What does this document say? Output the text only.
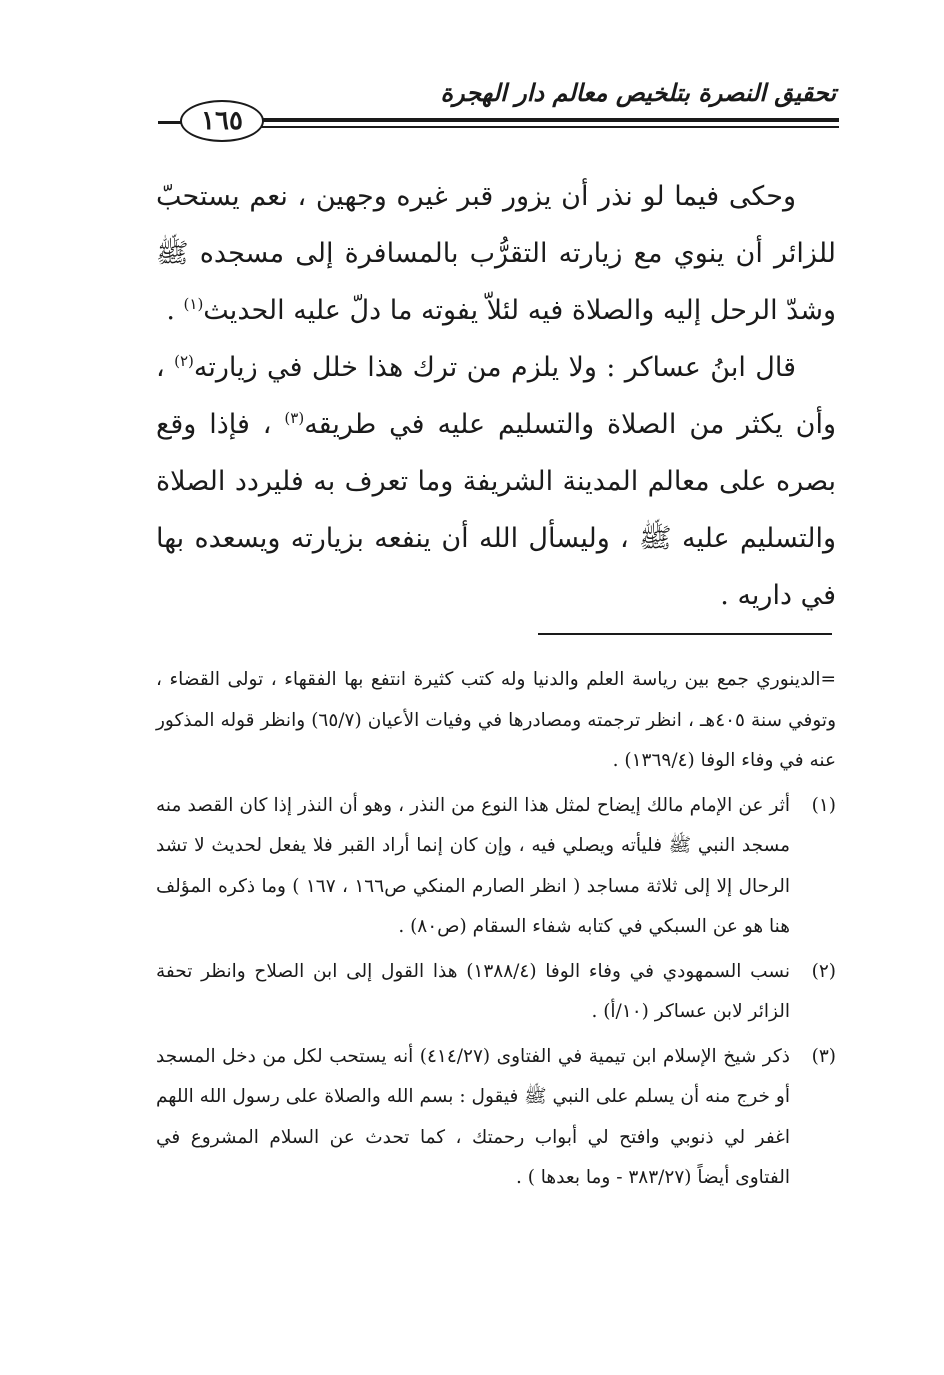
تحقيق النصرة بتلخيص معالم دار الهجرة
١٦٥

وحكى فيما لو نذر أن يزور قبر غيره وجهين ، نعم يستحبّ للزائر أن ينوي مع زيارته التقرُّب بالمسافرة إلى مسجده ﷺ وشدّ الرحل إليه والصلاة فيه لئلاّ يفوته ما دلّ عليه الحديث$^{(١)}$ .

قال ابنُ عساكر : ولا يلزم من ترك هذا خلل في زيارته$^{(٢)}$ ، وأن يكثر من الصلاة والتسليم عليه في طريقه$^{(٣)}$ ، فإذا وقع بصره على معالم المدينة الشريفة وما تعرف به فليردد الصلاة والتسليم عليه ﷺ ، وليسأل الله أن ينفعه بزيارته ويسعده بها في داريه .

=الدينوري جمع بين رياسة العلم والدنيا وله كتب كثيرة انتفع بها الفقهاء ، تولى القضاء ، وتوفي سنة ٤٠٥هـ ، انظر ترجمته ومصادرها في وفيات الأعيان (٦٥/٧) وانظر قوله المذكور عنه في وفاء الوفا (١٣٦٩/٤) .

(١)
أثر عن الإمام مالك إيضاح لمثل هذا النوع من النذر ، وهو أن النذر إذا كان القصد منه مسجد النبي ﷺ فليأته ويصلي فيه ، وإن كان إنما أراد القبر فلا يفعل لحديث لا تشد الرحال إلا إلى ثلاثة مساجد ( انظر الصارم المنكي ص١٦٦ ، ١٦٧ ) وما ذكره المؤلف هنا هو عن السبكي في كتابه شفاء السقام (ص٨٠) .

(٢)
نسب السمهودي في وفاء الوفا (١٣٨٨/٤) هذا القول إلى ابن الصلاح وانظر تحفة الزائر لابن عساكر (١٠/أ) .

(٣)
ذكر شيخ الإسلام ابن تيمية في الفتاوى (٤١٤/٢٧) أنه يستحب لكل من دخل المسجد أو خرج منه أن يسلم على النبي ﷺ فيقول : بسم الله والصلاة على رسول الله اللهم اغفر لي ذنوبي وافتح لي أبواب رحمتك ، كما تحدث عن السلام المشروع في الفتاوى أيضاً (٣٨٣/٢٧ - وما بعدها ) .
